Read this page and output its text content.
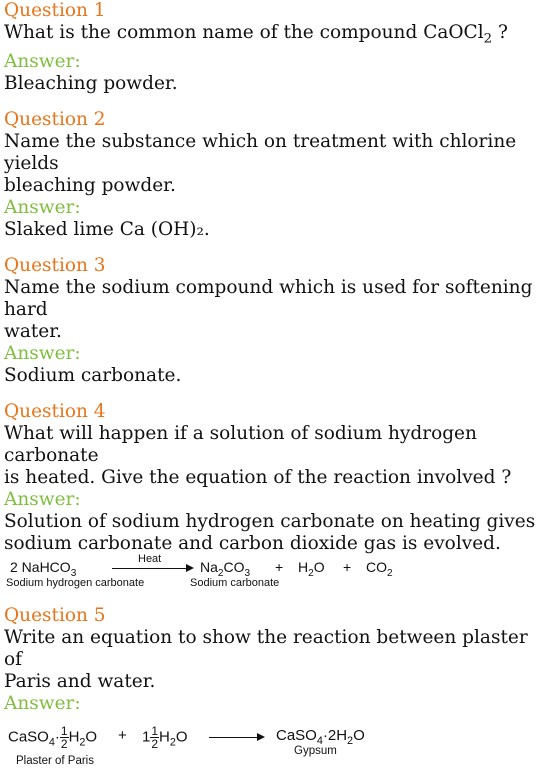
Question 1
What is the common name of the compound CaOCl$_2$ ?
Answer:
Bleaching powder.
Question 2
Name the substance which on treatment with chlorine yields
bleaching powder.
Answer:
Slaked lime Ca (OH)₂.
Question 3
Name the sodium compound which is used for softening hard
water.
Answer:
Sodium carbonate.
Question 4
What will happen if a solution of sodium hydrogen carbonate
is heated. Give the equation of the reaction involved ?
Answer:
Solution of sodium hydrogen carbonate on heating gives
sodium carbonate and carbon dioxide gas is evolved.
2 NaHCO$_3$
Heat	$Na_2CO_3 + H_2O + CO_2$
Sodium hydrogen carbonate	Sodium carbonate
Question 5
Write an equation to show the reaction between plaster of
Paris and water.
Answer:
CaSO$_4$· $\frac{1}{2} H_2O + 1 \frac{1}{2} H_2O$	$CaSO_4\cdot 2H_2O$
Plaster of Paris
Gypsum
